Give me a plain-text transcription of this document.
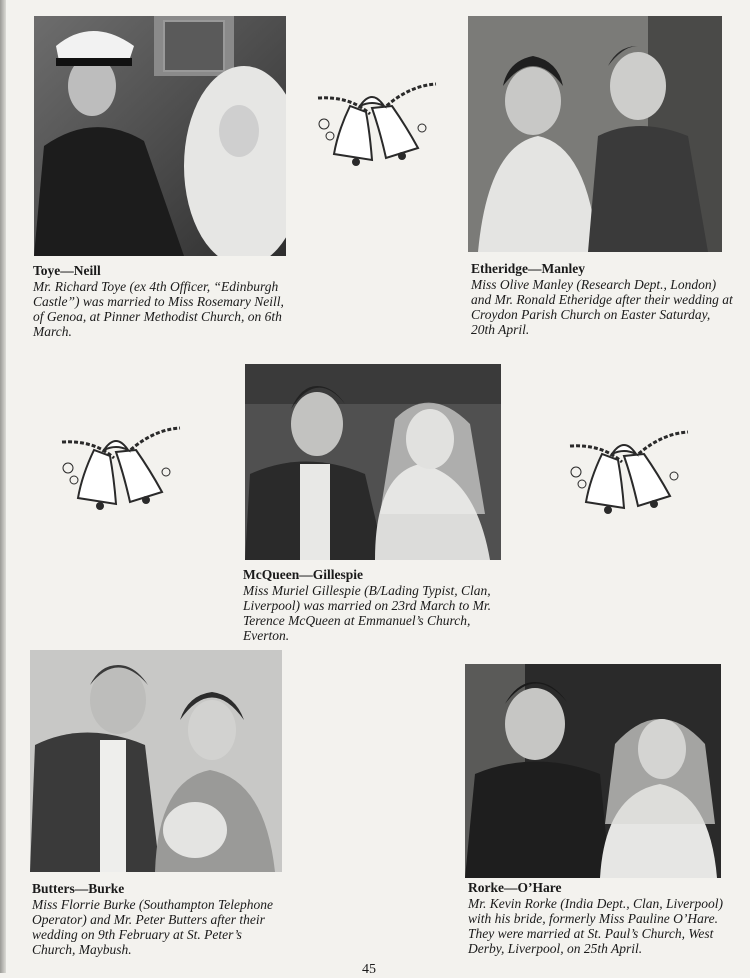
Toye—Neill
Mr. Richard Toye (ex 4th Officer, “Edinburgh Castle”) was married to Miss Rosemary Neill, of Genoa, at Pinner Methodist Church, on 6th March.
Etheridge—Manley
Miss Olive Manley (Research Dept., London) and Mr. Ronald Etheridge after their wedding at Croydon Parish Church on Easter Saturday, 20th April.
McQueen—Gillespie
Miss Muriel Gillespie (B/Lading Typist, Clan, Liverpool) was married on 23rd March to Mr. Terence McQueen at Emmanuel’s Church, Everton.
Butters—Burke
Miss Florrie Burke (Southampton Telephone Operator) and Mr. Peter Butters after their wedding on 9th February at St. Peter’s Church, Maybush.
Rorke—O’Hare
Mr. Kevin Rorke (India Dept., Clan, Liverpool) with his bride, formerly Miss Pauline O’Hare. They were married at St. Paul’s Church, West Derby, Liverpool, on 25th April.
45
